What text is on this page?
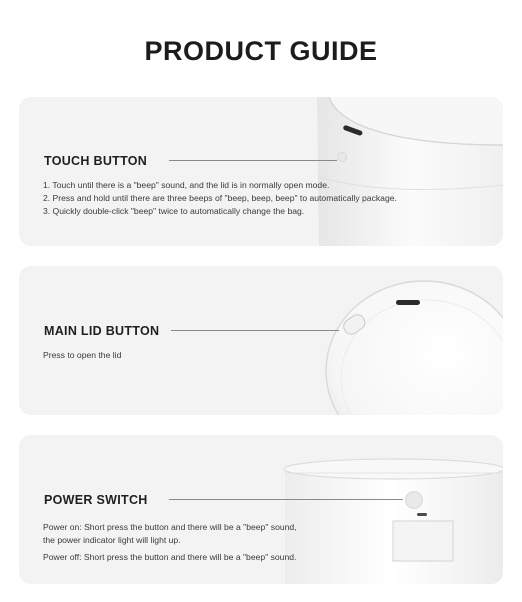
PRODUCT GUIDE
TOUCH BUTTON
1. Touch until there is a "beep" sound, and the lid is in normally open mode.
2. Press and hold until there are three beeps of "beep, beep, beep" to automatically package.
3. Quickly double-click "beep" twice to automatically change the bag.
MAIN LID BUTTON
Press to open the lid
POWER SWITCH
Power on: Short press the button and there will be a "beep" sound,
the power indicator light will light up.
Power off: Short press the button and there will be a "beep" sound.
